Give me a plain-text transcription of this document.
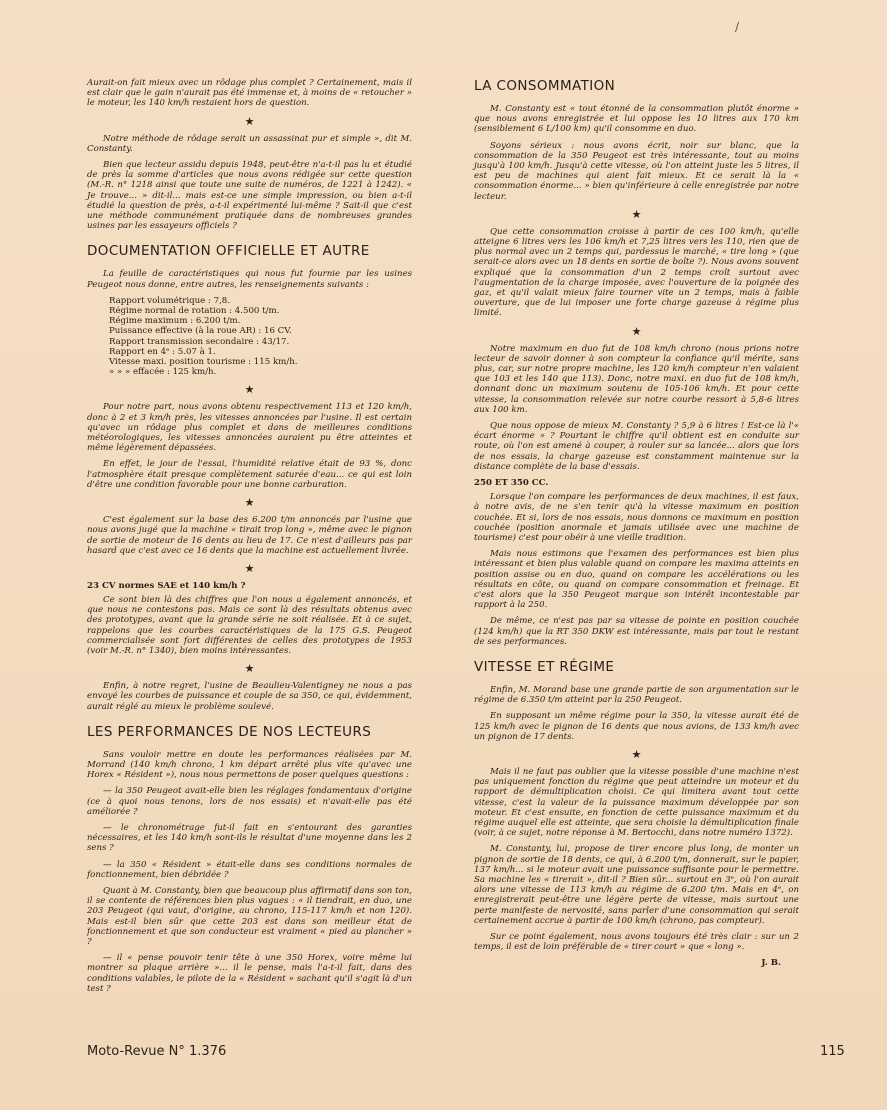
/

Aurait-on fait mieux avec un rôdage plus complet ? Certainement, mais il est clair que le gain n'aurait pas été immense et, à moins de « retoucher » le moteur, les 140 km/h restaient hors de question.

★

Notre méthode de rôdage serait un assassinat pur et simple », dit M. Constanty.

Bien que lecteur assidu depuis 1948, peut-être n'a-t-il pas lu et étudié de près la somme d'articles que nous avons rédigée sur cette question (M.-R. n° 1218 ainsi que toute une suite de numéros, de 1221 à 1242). « Je trouve... » dit-il... mais est-ce une simple impression, ou bien a-t-il étudié la question de près, a-t-il expérimenté lui-même ? Sait-il que c'est une méthode communément pratiquée dans de nombreuses grandes usines par les essayeurs officiels ?

DOCUMENTATION OFFICIELLE ET AUTRE

La feuille de caractéristiques qui nous fut fournie par les usines Peugeot nous donne, entre autres, les renseignements suivants :

Rapport volumétrique : 7,8.
Régime normal de rotation : 4.500 t/m.
Régime maximum : 6.200 t/m.
Puissance effective (à la roue AR) : 16 CV.
Rapport transmission secondaire : 43/17.
Rapport en 4ᵉ : 5.07 à 1.
Vitesse maxi. position tourisme : 115 km/h.
» » » effacée : 125 km/h.
★

Pour notre part, nous avons obtenu respectivement 113 et 120 km/h, donc à 2 et 3 km/h près, les vitesses annoncées par l'usine. Il est certain qu'avec un rôdage plus complet et dans de meilleures conditions météorologiques, les vitesses annoncées auraient pu être atteintes et même légèrement dépassées.

En effet, le jour de l'essai, l'humidité relative était de 93 %, donc l'atmosphère était presque complètement saturée d'eau... ce qui est loin d'être une condition favorable pour une bonne carburation.

★

C'est également sur la base des 6.200 t/m annoncés par l'usine que nous avons jugé que la machine « tirait trop long », même avec le pignon de sortie de moteur de 16 dents au lieu de 17. Ce n'est d'ailleurs pas par hasard que c'est avec ce 16 dents que la machine est actuellement livrée.

★
23 CV normes SAE et 140 km/h ?

Ce sont bien là des chiffres que l'on nous a également annoncés, et que nous ne contestons pas. Mais ce sont là des résultats obtenus avec des prototypes, avant que la grande série ne soit réalisée. Et à ce sujet, rappelons que les courbes caractéristiques de la 175 G.S. Peugeot commercialisée sont fort différentes de celles des prototypes de 1953 (voir M.-R. n° 1340), bien moins intéressantes.

★

Enfin, à notre regret, l'usine de Beaulieu-Valentigney ne nous a pas envoyé les courbes de puissance et couple de sa 350, ce qui, évidemment, aurait réglé au mieux le problème soulevé.

LES PERFORMANCES DE NOS LECTEURS

Sans vouloir mettre en doute les performances réalisées par M. Morrand (140 km/h chrono, 1 km départ arrêté plus vite qu'avec une Horex « Résident »), nous nous permettons de poser quelques questions :

— la 350 Peugeot avait-elle bien les réglages fondamentaux d'origine (ce à quoi nous tenons, lors de nos essais) et n'avait-elle pas été améliorée ?

— le chronométrage fut-il fait en s'entourant des garanties nécessaires, et les 140 km/h sont-ils le résultat d'une moyenne dans les 2 sens ?

— la 350 « Résident » était-elle dans ses conditions normales de fonctionnement, bien débridée ?

Quant à M. Constanty, bien que beaucoup plus affirmatif dans son ton, il se contente de références bien plus vagues : « il tiendrait, en duo, une 203 Peugeot (qui vaut, d'origine, au chrono, 115-117 km/h et non 120). Mais est-il bien sûr que cette 203 est dans son meilleur état de fonctionnement et que son conducteur est vraiment « pied au plancher » ?

— il « pense pouvoir tenir tête à une 350 Horex, voire même lui montrer sa plaque arrière »... il le pense, mais l'a-t-il fait, dans des conditions valables, le pilote de la « Résident » sachant qu'il s'agit là d'un test ?

LA CONSOMMATION

M. Constanty est « tout étonné de la consommation plutôt énorme » que nous avons enregistrée et lui oppose les 10 litres aux 170 km (sensiblement 6 L/100 km) qu'il consomme en duo.

Soyons sérieux : nous avons écrit, noir sur blanc, que la consommation de la 350 Peugeot est très intéressante, tout au moins jusqu'à 100 km/h. Jusqu'à cette vitesse, où l'on atteint juste les 5 litres, il est peu de machines qui aient fait mieux. Et ce serait là la « consommation énorme... » bien qu'inférieure à celle enregistrée par notre lecteur.

★

Que cette consommation croisse à partir de ces 100 km/h, qu'elle atteigne 6 litres vers les 106 km/h et 7,25 litres vers les 110, rien que de plus normal avec un 2 temps qui, pardessus le marché, « tire long » (que serait-ce alors avec un 18 dents en sortie de boîte ?). Nous avons souvent expliqué que la consommation d'un 2 temps croît surtout avec l'augmentation de la charge imposée, avec l'ouverture de la poignée des gaz, et qu'il valait mieux faire tourner vite un 2 temps, mais à faible ouverture, que de lui imposer une forte charge gazeuse à régime plus limité.

★

Notre maximum en duo fut de 108 km/h chrono (nous prions notre lecteur de savoir donner à son compteur la confiance qu'il mérite, sans plus, car, sur notre propre machine, les 120 km/h compteur n'en valaient que 103 et les 140 que 113). Donc, notre maxi. en duo fut de 108 km/h, donnant donc un maximum soutenu de 105-106 km/h. Et pour cette vitesse, la consommation relevée sur notre courbe ressort à 5,8-6 litres aux 100 km.

Que nous oppose de mieux M. Constanty ? 5,9 à 6 litres ! Est-ce là l'« écart énorme » ? Pourtant le chiffre qu'il obtient est en conduite sur route, où l'on est amené à couper, à rouler sur sa lancée... alors que lors de nos essais, la charge gazeuse est constamment maintenue sur la distance complète de la base d'essais.

250 ET 350 CC.

Lorsque l'on compare les performances de deux machines, il est faux, à notre avis, de ne s'en tenir qu'à la vitesse maximum en position couchée. Et si, lors de nos essais, nous donnons ce maximum en position couchée (position anormale et jamais utilisée avec une machine de tourisme) c'est pour obéir à une vieille tradition.

Mais nous estimons que l'examen des performances est bien plus intéressant et bien plus valable quand on compare les maxima atteints en position assise ou en duo, quand on compare les accélérations ou les résultats en côte, ou quand on compare consommation et freinage. Et c'est alors que la 350 Peugeot marque son intérêt incontestable par rapport à la 250.

De même, ce n'est pas par sa vitesse de pointe en position couchée (124 km/h) que la RT 350 DKW est intéressante, mais par tout le restant de ses performances.

VITESSE ET RÉGIME

Enfin, M. Morand base une grande partie de son argumentation sur le régime de 6.350 t/m atteint par la 250 Peugeot.

En supposant un même régime pour la 350, la vitesse aurait été de 125 km/h avec le pignon de 16 dents que nous avions, de 133 km/h avec un pignon de 17 dents.

★

Mais il ne faut pas oublier que la vitesse possible d'une machine n'est pas uniquement fonction du régime que peut atteindre un moteur et du rapport de démultiplication choisi. Ce qui limitera avant tout cette vitesse, c'est la valeur de la puissance maximum développée par son moteur. Et c'est ensuite, en fonction de cette puissance maximum et du régime auquel elle est atteinte, que sera choisie la démultiplication finale (voir, à ce sujet, notre réponse à M. Bertocchi, dans notre numéro 1372).

M. Constanty, lui, propose de tirer encore plus long, de monter un pignon de sortie de 18 dents, ce qui, à 6.200 t/m, donnerait, sur le papier, 137 km/h... si le moteur avait une puissance suffisante pour le permettre. Sa machine les « tirerait », dit-il ? Bien sûr... surtout en 3ᵉ, où l'on aurait alors une vitesse de 113 km/h au régime de 6.200 t/m. Mais en 4ᵉ, on enregistrerait peut-être une légère perte de vitesse, mais surtout une perte manifeste de nervosité, sans parler d'une consommation qui serait certainement accrue à partir de 100 km/h (chrono, pas compteur).

Sur ce point également, nous avons toujours été très clair : sur un 2 temps, il est de loin préférable de « tirer court » que « long ».

J. B.
Moto-Revue N° 1.376	115
